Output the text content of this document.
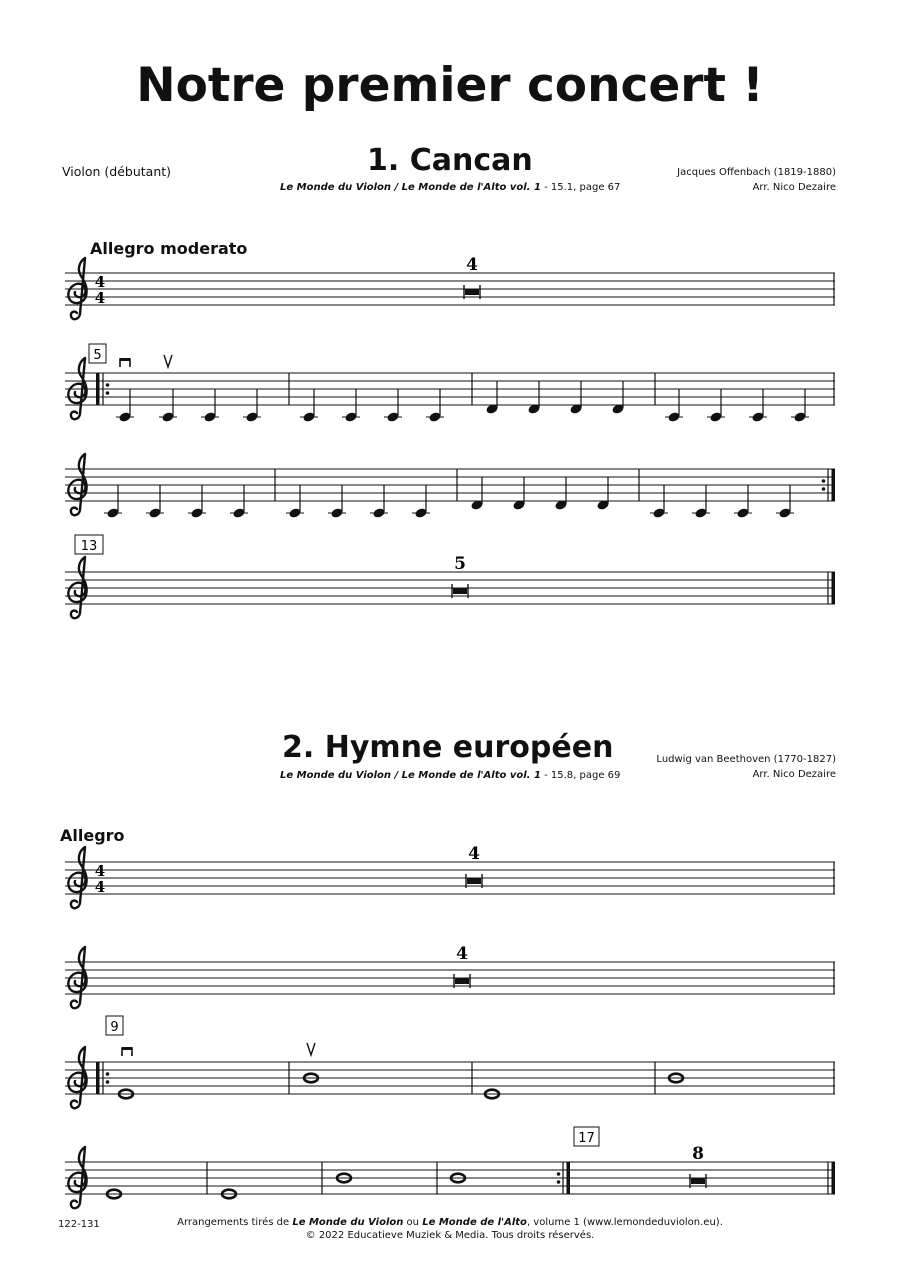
Notre premier concert !
Violon (débutant)	1. Cancan
Le Monde du Violon / Le Monde de l'Alto vol. 1 - 15.1, page 67
Jacques Offenbach (1819-1880)
Arr. Nico Dezaire
Allegro moderato
2. Hymne européen
Le Monde du Violon / Le Monde de l'Alto vol. 1 - 15.8, page 69
Ludwig van Beethoven (1770-1827)
Arr. Nico Dezaire
Allegro
4
4
4
5
13
5
4
4
4
4
9
17
8
122-131	Arrangements tirés de Le Monde du Violon ou Le Monde de l'Alto, volume 1 (www.lemondeduviolon.eu).
© 2022 Educatieve Muziek & Media. Tous droits réservés.
